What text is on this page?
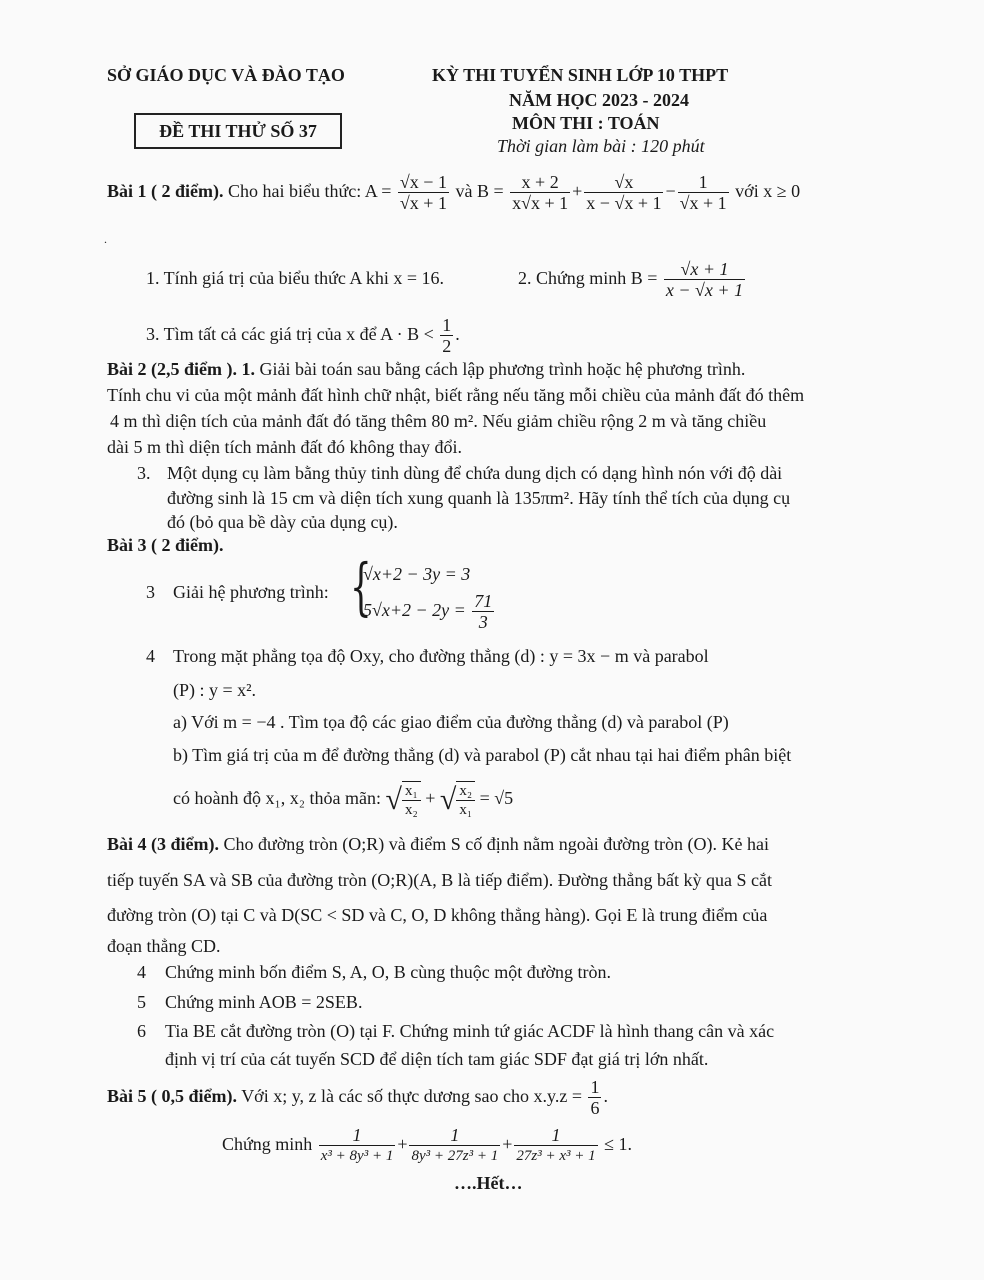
SỞ GIÁO DỤC VÀ ĐÀO TẠO	KỲ THI TUYỂN SINH LỚP 10 THPT
NĂM HỌC 2023 - 2024
ĐỀ THI THỬ SỐ 37	MÔN THI : TOÁN
Thời gian làm bài : 120 phút
Bài 1 ( 2 điểm). Cho hai biểu thức: $A = \frac{√x - 1}{√x + 1}$ và $B = \frac{x + 2}{x√x + 1} + \frac{√x}{x - √x + 1} - \frac{1}{√x + 1}$ với x ≥ 0
.
1. Tính giá trị của biểu thức A khi x = 16.	2. Chứng minh $B = \frac{√x + 1}{x - √x + 1}$
3. Tìm tất cả các giá trị của x để $A \cdot B < \frac{1}{2}$ .
Bài 2 (2,5 điểm ). 1. Giải bài toán sau bằng cách lập phương trình hoặc hệ phương trình.
Tính chu vi của một mảnh đất hình chữ nhật, biết rằng nếu tăng mỗi chiều của mảnh đất đó thêm
4 m thì diện tích của mảnh đất đó tăng thêm 80 m². Nếu giảm chiều rộng 2 m và tăng chiều
dài 5 m thì diện tích mảnh đất đó không thay đổi.
3. Một dụng cụ làm bằng thủy tinh dùng để chứa dung dịch có dạng hình nón với độ dài
đường sinh là 15 cm và diện tích xung quanh là 135πm². Hãy tính thể tích của dụng cụ
đó (bỏ qua bề dày của dụng cụ).
Bài 3 ( 2 điểm).
3 Giải hệ phương trình: {
√x+2 − 3y = 3
$5√x+2 - 2y = \frac{71}{3}$
4 Trong mặt phẳng tọa độ Oxy, cho đường thẳng (d) : y = 3x − m và parabol
(P) : y = x².
a) Với m = −4 . Tìm tọa độ các giao điểm của đường thẳng (d) và parabol (P)
b) Tìm giá trị của m để đường thẳng (d) và parabol (P) cắt nhau tại hai điểm phân biệt
có hoành độ x₁, x₂ thỏa mãn: √ $\frac{\text{x₁}}{\text{x₂}}$ + √ $\frac{\text{x₂}}{\text{x₁}} = √5$
Bài 4 (3 điểm). Cho đường tròn (O;R) và điểm S cố định nằm ngoài đường tròn (O). Kẻ hai
tiếp tuyến SA và SB của đường tròn (O;R)(A, B là tiếp điểm). Đường thẳng bất kỳ qua S cắt
đường tròn (O) tại C và D(SC < SD và C, O, D không thẳng hàng). Gọi E là trung điểm của
đoạn thẳng CD.
4 Chứng minh bốn điểm S, A, O, B cùng thuộc một đường tròn.
5 Chứng minh AOB = 2SEB.
6 Tia BE cắt đường tròn (O) tại F. Chứng minh tứ giác ACDF là hình thang cân và xác
định vị trí của cát tuyến SCD để diện tích tam giác SDF đạt giá trị lớn nhất.
Bài 5 ( 0,5 điểm). Với x; y, z là các số thực dương sao cho $x.y.z = \frac{1}{6}$ .
Chứng minh $\frac{1}{\text{x³ + 8y³ + 1}} + \frac{1}{\text{8y³ + 27z³ + 1}} + \frac{1}{\text{27z³ + x³ + 1}} \le 1$.
….Hết…
